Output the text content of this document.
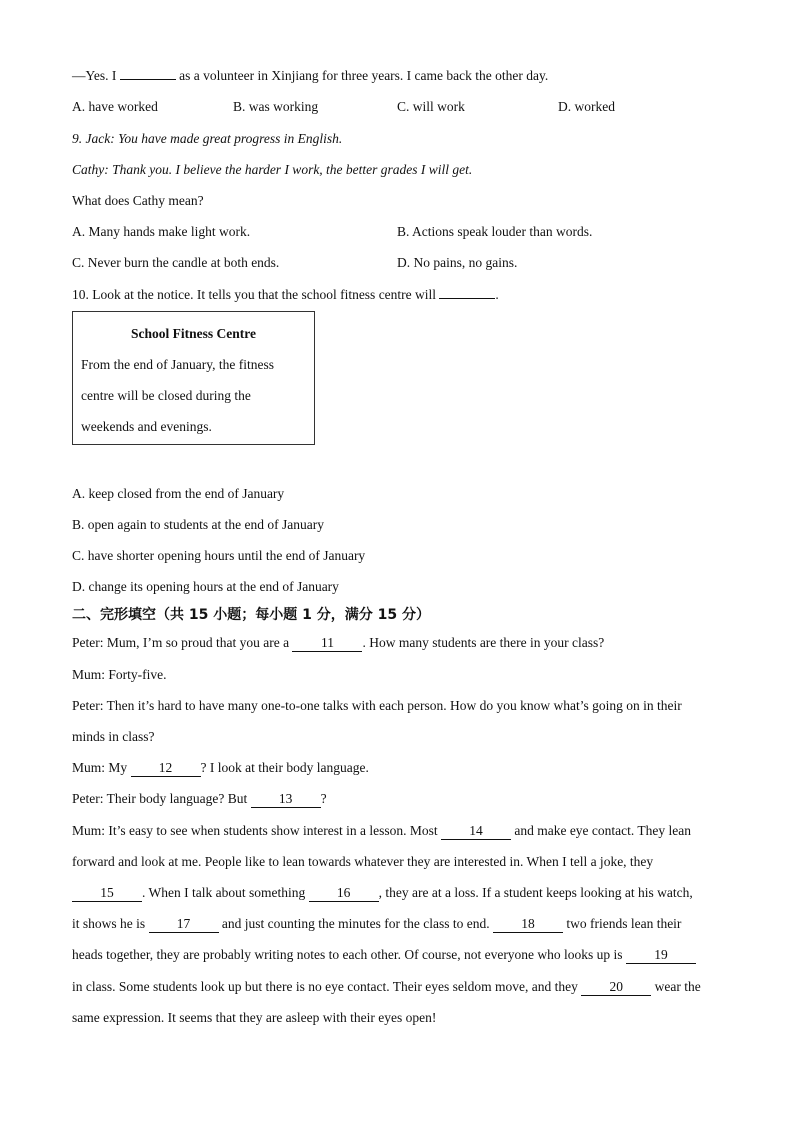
—Yes. I	as a volunteer in Xinjiang for three years. I came back the other day.
A. have worked	B. was working	C. will work	D. worked
9. Jack: You have made great progress in English.
Cathy: Thank you. I believe the harder I work, the better grades I will get.
What does Cathy mean?
A. Many hands make light work.	B. Actions speak louder than words.
C. Never burn the candle at both ends.	D. No pains, no gains.
10. Look at the notice. It tells you that the school fitness centre will	.
School Fitness Centre
From the end of January, the fitness
centre will be closed during the
weekends and evenings.
A. keep closed from the end of January
B. open again to students at the end of January
C. have shorter opening hours until the end of January
D. change its opening hours at the end of January
二、完形填空（共 15 小题；每小题 1 分，满分 15 分）
Peter: Mum, I’m so proud that you are a 11 . How many students are there in your class?
Mum: Forty-five.
Peter: Then it’s hard to have many one-to-one talks with each person. How do you know what’s going on in their
minds in class?
Mum: My 12 ? I look at their body language.
Peter: Their body language? But 13 ?
Mum: It’s easy to see when students show interest in a lesson. Most 14 and make eye contact. They lean
forward and look at me. People like to lean towards whatever they are interested in. When I tell a joke, they
15 . When I talk about something 16 , they are at a loss. If a student keeps looking at his watch,
it shows he is 17 and just counting the minutes for the class to end. 18 two friends lean their
heads together, they are probably writing notes to each other. Of course, not everyone who looks up is 19
in class. Some students look up but there is no eye contact. Their eyes seldom move, and they 20 wear the
same expression. It seems that they are asleep with their eyes open!
